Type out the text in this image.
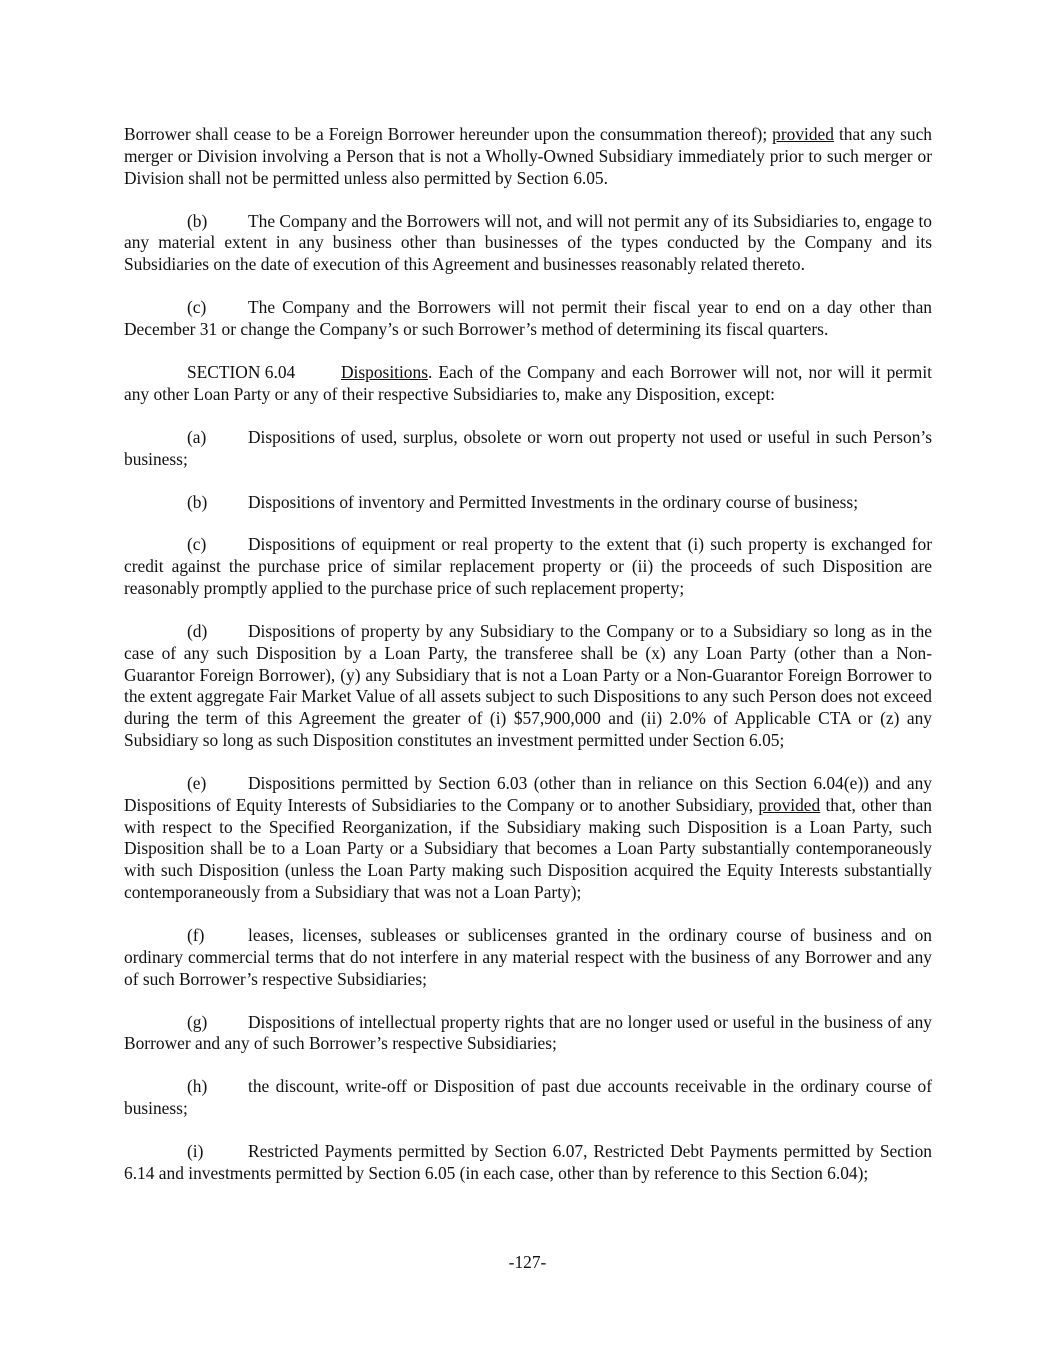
Borrower shall cease to be a Foreign Borrower hereunder upon the consummation thereof); provided that any such merger or Division involving a Person that is not a Wholly-Owned Subsidiary immediately prior to such merger or Division shall not be permitted unless also permitted by Section 6.05.

(b) The Company and the Borrowers will not, and will not permit any of its Subsidiaries to, engage to any material extent in any business other than businesses of the types conducted by the Company and its Subsidiaries on the date of execution of this Agreement and businesses reasonably related thereto.

(c) The Company and the Borrowers will not permit their fiscal year to end on a day other than December 31 or change the Company’s or such Borrower’s method of determining its fiscal quarters.

SECTION 6.04	Dispositions. Each of the Company and each Borrower will not, nor will it permit any other Loan Party or any of their respective Subsidiaries to, make any Disposition, except:

(a) Dispositions of used, surplus, obsolete or worn out property not used or useful in such Person’s business;

(b) Dispositions of inventory and Permitted Investments in the ordinary course of business;

(c) Dispositions of equipment or real property to the extent that (i) such property is exchanged for credit against the purchase price of similar replacement property or (ii) the proceeds of such Disposition are reasonably promptly applied to the purchase price of such replacement property;

(d) Dispositions of property by any Subsidiary to the Company or to a Subsidiary so long as in the case of any such Disposition by a Loan Party, the transferee shall be (x) any Loan Party (other than a Non-Guarantor Foreign Borrower), (y) any Subsidiary that is not a Loan Party or a Non-Guarantor Foreign Borrower to the extent aggregate Fair Market Value of all assets subject to such Dispositions to any such Person does not exceed during the term of this Agreement the greater of (i) $57,900,000 and (ii) 2.0% of Applicable CTA or (z) any Subsidiary so long as such Disposition constitutes an investment permitted under Section 6.05;

(e) Dispositions permitted by Section 6.03 (other than in reliance on this Section 6.04(e)) and any Dispositions of Equity Interests of Subsidiaries to the Company or to another Subsidiary, provided that, other than with respect to the Specified Reorganization, if the Subsidiary making such Disposition is a Loan Party, such Disposition shall be to a Loan Party or a Subsidiary that becomes a Loan Party substantially contemporaneously with such Disposition (unless the Loan Party making such Disposition acquired the Equity Interests substantially contemporaneously from a Subsidiary that was not a Loan Party);

(f)	leases, licenses, subleases or sublicenses granted in the ordinary course of business and on ordinary commercial terms that do not interfere in any material respect with the business of any Borrower and any of such Borrower’s respective Subsidiaries;

(g) Dispositions of intellectual property rights that are no longer used or useful in the business of any Borrower and any of such Borrower’s respective Subsidiaries;

(h) the discount, write-off or Disposition of past due accounts receivable in the ordinary course of business;

(i)	Restricted Payments permitted by Section 6.07, Restricted Debt Payments permitted by Section 6.14 and investments permitted by Section 6.05 (in each case, other than by reference to this Section 6.04);

-127-
